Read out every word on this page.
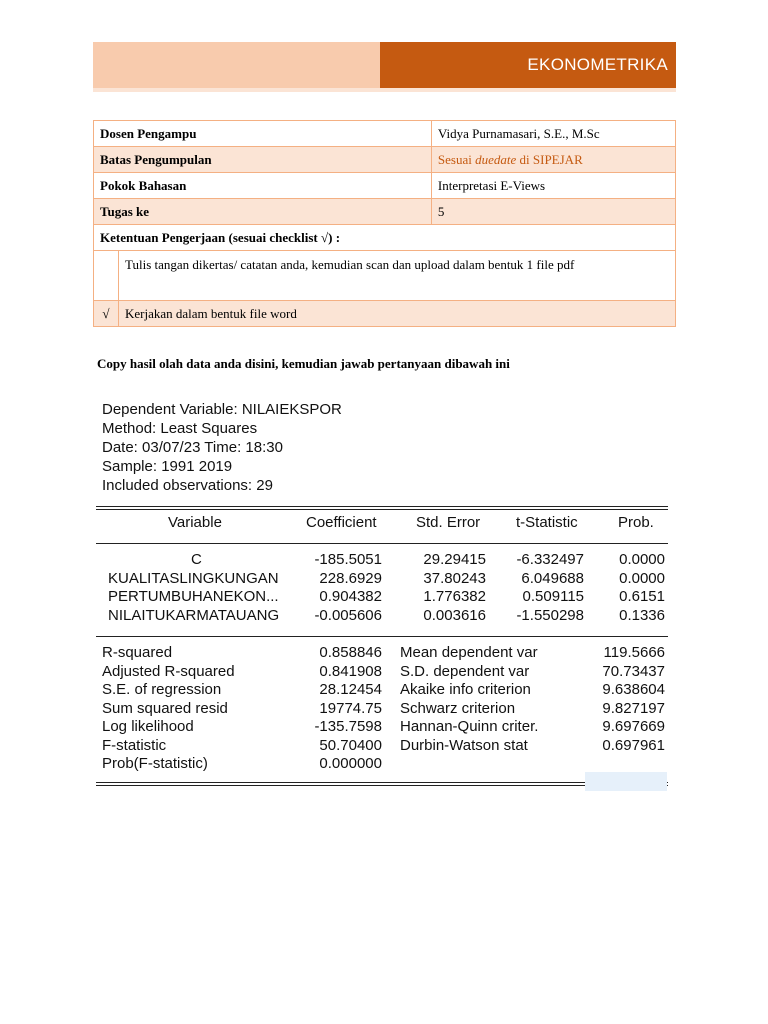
EKONOMETRIKA
Dosen Pengampu		Vidya Purnamasari, S.E., M.Sc
Batas Pengumpulan		Sesuai duedate di SIPEJAR
Pokok Bahasan		Interpretasi E-Views
Tugas ke		5
Ketentuan Pengerjaan (sesuai checklist √) :		
	Tulis tangan dikertas/ catatan anda, kemudian scan dan upload dalam bentuk 1 file pdf	
√	Kerjakan dalam bentuk file word	
Copy hasil olah data anda disini, kemudian jawab pertanyaan dibawah ini
Dependent Variable: NILAIEKSPOR
Method: Least Squares
Date: 03/07/23 Time: 18:30
Sample: 1991 2019
Included observations: 29
Variable	Coefficient	Std. Error t-Statistic	Prob.
C	-185.5051	29.29415 -6.332497 0.0000
KUALITASLINGKUNGAN	228.6929	37.80243 6.049688 0.0000
PERTUMBUHANEKON...	0.904382	1.776382 0.509115 0.6151
NILAITUKARMATAUANG -0.005606	0.003616 -1.550298 0.1336
R-squared	0.858846 Mean dependent var	119.5666
Adjusted R-squared	0.841908 S.D. dependent var	70.73437
S.E. of regression	28.12454 Akaike info criterion	9.638604
Sum squared resid	19774.75 Schwarz criterion	9.827197
Log likelihood	-135.7598 Hannan-Quinn criter.	9.697669
F-statistic	50.70400 Durbin-Watson stat	0.697961
Prob(F-statistic)	0.000000
